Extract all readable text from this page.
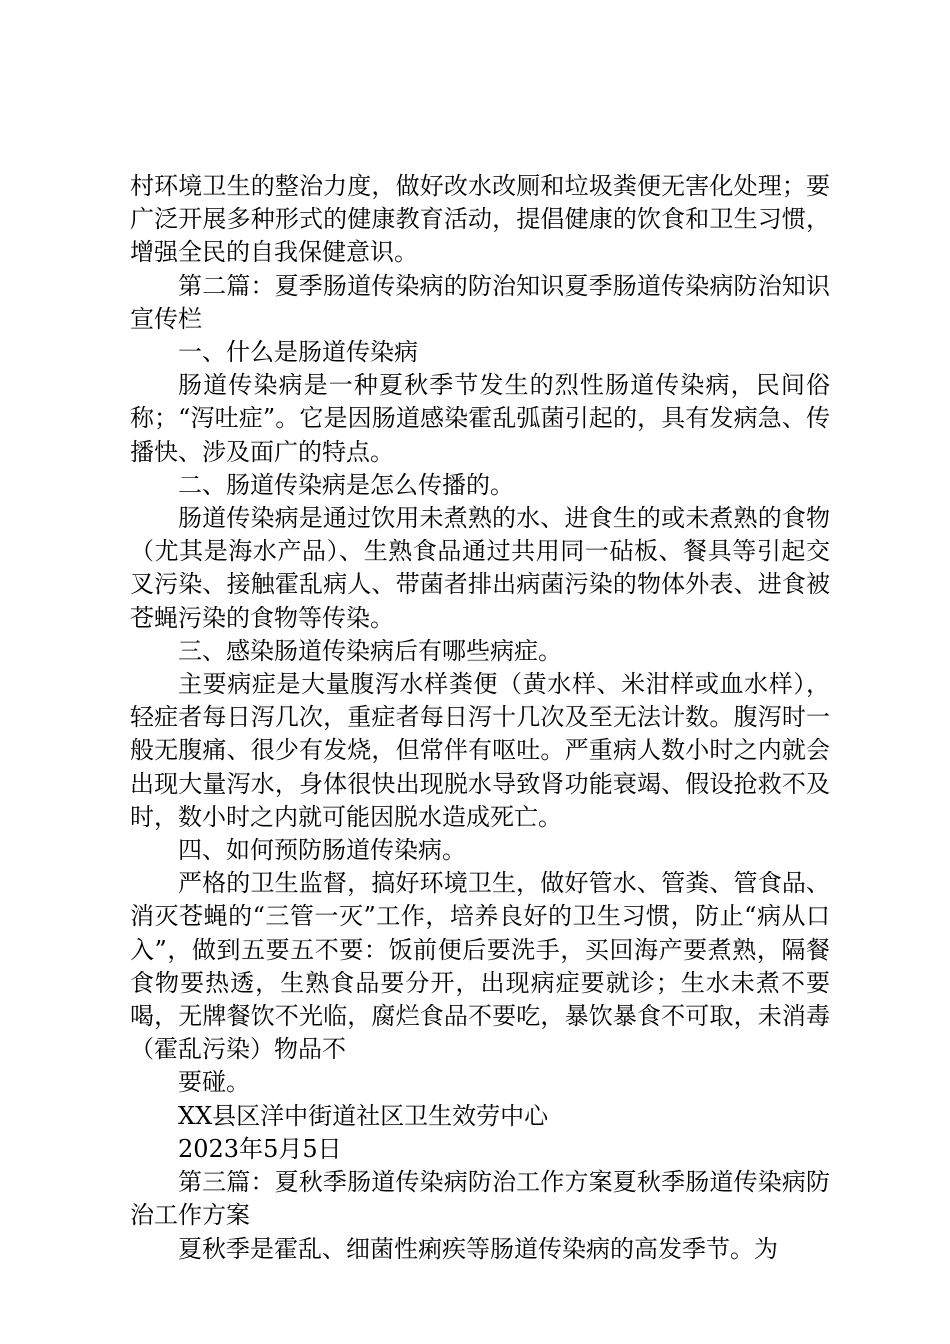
村环境卫生的整治力度，做好改水改厕和垃圾粪便无害化处理；要广泛开展多种形式的健康教育活动，提倡健康的饮食和卫生习惯，增强全民的自我保健意识。

第二篇：夏季肠道传染病的防治知识夏季肠道传染病防治知识宣传栏

一、什么是肠道传染病

肠道传染病是一种夏秋季节发生的烈性肠道传染病，民间俗称；“泻吐症”。它是因肠道感染霍乱弧菌引起的，具有发病急、传播快、涉及面广的特点。

二、肠道传染病是怎么传播的。

肠道传染病是通过饮用未煮熟的水、进食生的或未煮熟的食物（尤其是海水产品）、生熟食品通过共用同一砧板、餐具等引起交叉污染、接触霍乱病人、带菌者排出病菌污染的物体外表、进食被苍蝇污染的食物等传染。

三、感染肠道传染病后有哪些病症。

主要病症是大量腹泻水样粪便（黄水样、米泔样或血水样），轻症者每日泻几次，重症者每日泻十几次及至无法计数。腹泻时一般无腹痛、很少有发烧，但常伴有呕吐。严重病人数小时之内就会出现大量泻水，身体很快出现脱水导致肾功能衰竭、假设抢救不及时，数小时之内就可能因脱水造成死亡。

四、如何预防肠道传染病。

严格的卫生监督，搞好环境卫生，做好管水、管粪、管食品、消灭苍蝇的“三管一灭”工作，培养良好的卫生习惯，防止“病从口入”，做到五要五不要：饭前便后要洗手，买回海产要煮熟，隔餐食物要热透，生熟食品要分开，出现病症要就诊；生水未煮不要喝，无牌餐饮不光临，腐烂食品不要吃，暴饮暴食不可取，未消毒（霍乱污染）物品不

要碰。

XX县区洋中街道社区卫生效劳中心

2023年5月5日

第三篇：夏秋季肠道传染病防治工作方案夏秋季肠道传染病防治工作方案

夏秋季是霍乱、细菌性痢疾等肠道传染病的高发季节。为
